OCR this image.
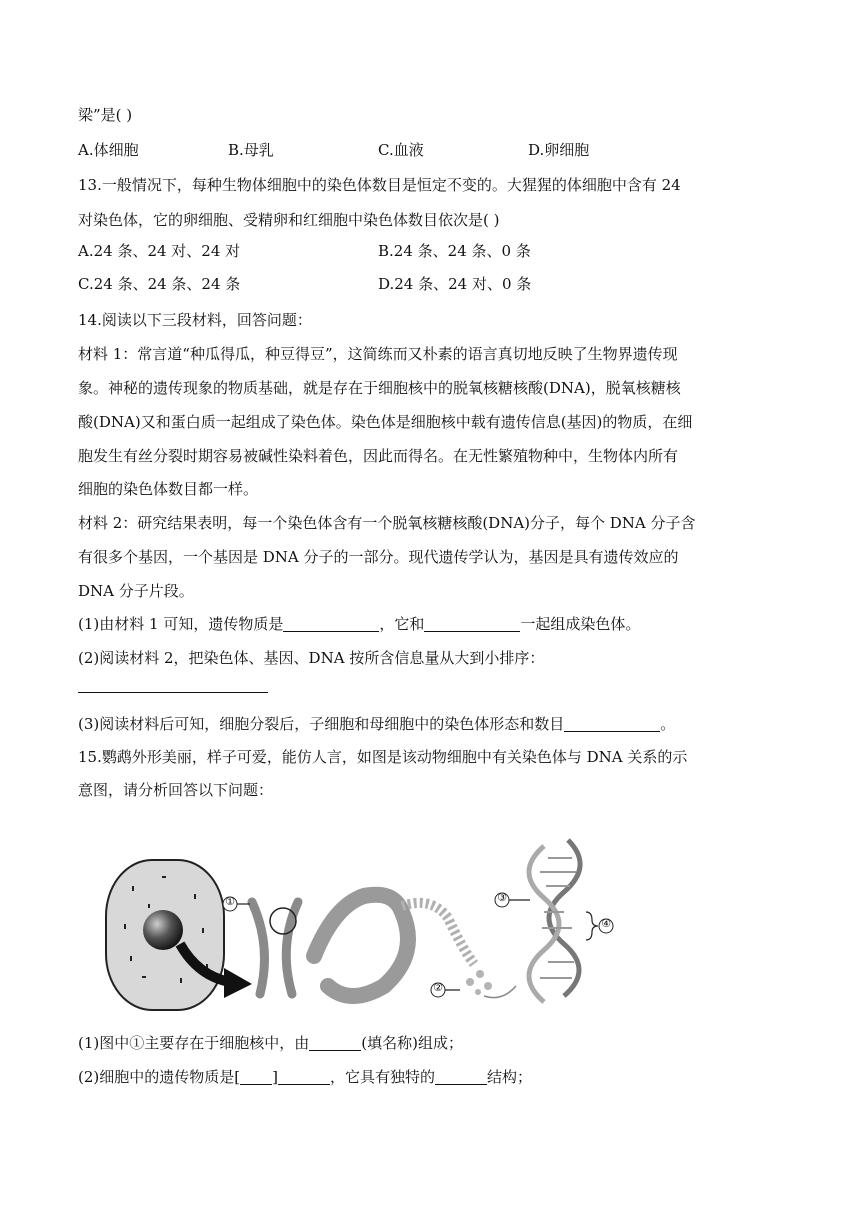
梁”是( )
A.体细胞	B.母乳	C.血液	D.卵细胞
13.一般情况下，每种生物体细胞中的染色体数目是恒定不变的。大猩猩的体细胞中含有 24
对染色体，它的卵细胞、受精卵和红细胞中染色体数目依次是( )
A.24 条、24 对、24 对	B.24 条、24 条、0 条
C.24 条、24 条、24 条	D.24 条、24 对、0 条
14.阅读以下三段材料，回答问题：
材料 1：常言道“种瓜得瓜，种豆得豆”，这简练而又朴素的语言真切地反映了生物界遗传现
象。神秘的遗传现象的物质基础，就是存在于细胞核中的脱氧核糖核酸(DNA)，脱氧核糖核
酸(DNA)又和蛋白质一起组成了染色体。染色体是细胞核中载有遗传信息(基因)的物质，在细
胞发生有丝分裂时期容易被碱性染料着色，因此而得名。在无性繁殖物种中，生物体内所有
细胞的染色体数目都一样。
材料 2：研究结果表明，每一个染色体含有一个脱氧核糖核酸(DNA)分子，每个 DNA 分子含
有很多个基因，一个基因是 DNA 分子的一部分。现代遗传学认为，基因是具有遗传效应的
DNA 分子片段。
(1)由材料 1 可知，遗传物质是	，它和	一起组成染色体。
(2)阅读材料 2，把染色体、基因、DNA 按所含信息量从大到小排序：
(3)阅读材料后可知，细胞分裂后，子细胞和母细胞中的染色体形态和数目	。
15.鹦鹉外形美丽，样子可爱，能仿人言，如图是该动物细胞中有关染色体与 DNA 关系的示
意图，请分析回答以下问题：
①
②
③
④
(1)图中①主要存在于细胞核中，由	(填名称)组成；
(2)细胞中的遗传物质是[ ]	，它具有独特的	结构；
